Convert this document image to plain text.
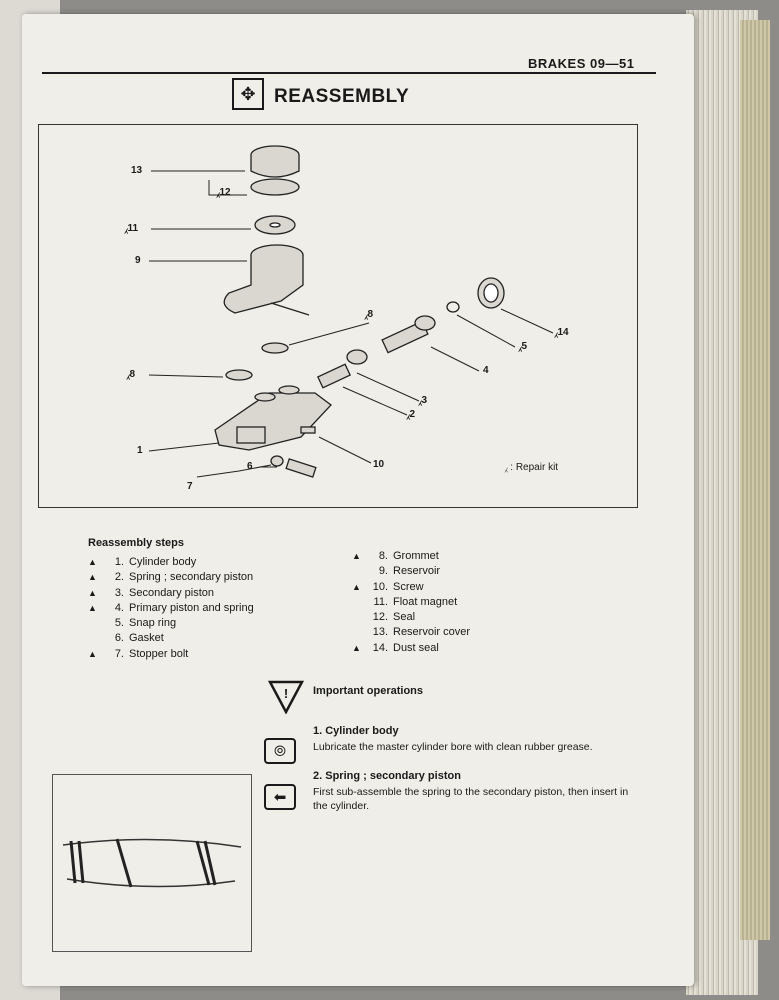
BRAKES 09—51
✥ REASSEMBLY
13
⁁12
⁁11
9
⁁8
⁁8
1
6
7
10
⁁2
⁁3
4
⁁5
⁁14
⁁ : Repair kit
Reassembly steps
▲	1. Cylinder body
▲	2. Spring ; secondary piston
▲	3. Secondary piston
▲	4. Primary piston and spring
5. Snap ring
6. Gasket
▲	7. Stopper bolt
▲	8. Grommet
9. Reservoir
▲	10. Screw
11. Float magnet
12. Seal
13. Reservoir cover
▲	14. Dust seal
! Important operations
1. Cylinder body
⦾	Lubricate the master cylinder bore with clean rubber grease.
2. Spring ; secondary piston
⬅	First sub-assemble the spring to the secondary piston, then insert in the cylinder.
